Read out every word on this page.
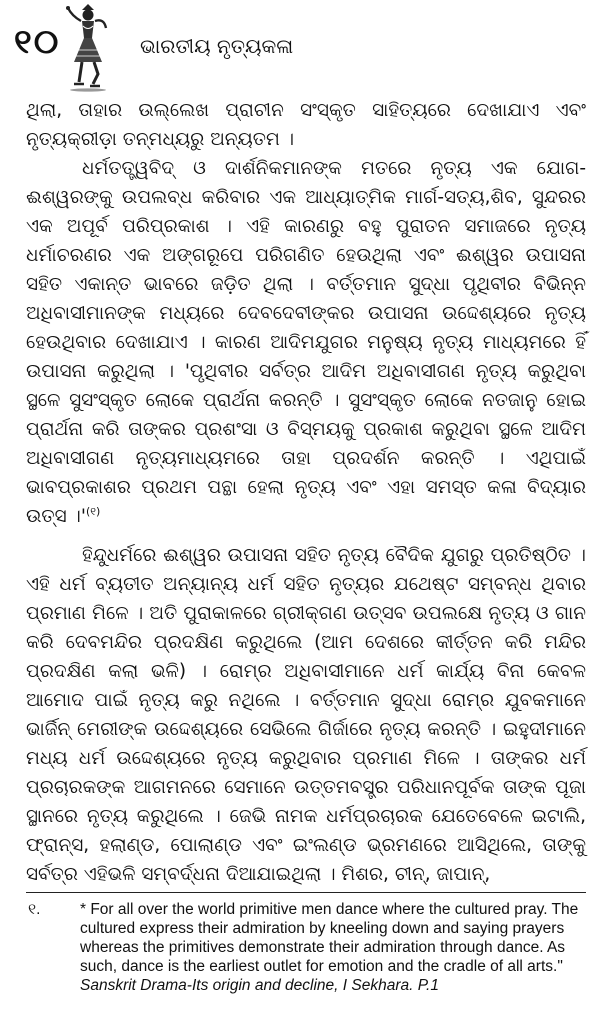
୧୦	ଭାରତୀୟ ନୃତ୍ୟକଳା

ଥିଲା, ତାହାର ଉଲ୍ଲେଖ ପ୍ରାଚୀନ ସଂସ୍କୃତ ସାହିତ୍ୟରେ ଦେଖାଯାଏ ଏବଂ ନୃତ୍ୟକ୍ରୀଡ଼ା ତନ୍ମଧ୍ୟରୁ ଅନ୍ୟତମ ।

ଧର୍ମତତ୍ତ୍ୱବିଦ୍ ଓ ଦାର୍ଶନିକମାନଙ୍କ ମତରେ ନୃତ୍ୟ ଏକ ଯୋଗ-ଈଶ୍ୱରଙ୍କୁ ଉପଲବ୍ଧ କରିବାର ଏକ ଆଧ୍ୟାତ୍ମିକ ମାର୍ଗ-ସତ୍ୟ,ଶିବ, ସୁନ୍ଦରର ଏକ ଅପୂର୍ବ ପରିପ୍ରକାଶ । ଏହି କାରଣରୁ ବହୁ ପୁରାତନ ସମାଜରେ ନୃତ୍ୟ ଧର୍ମାଚରଣର ଏକ ଅଙ୍ଗରୂପେ ପରିଗଣିତ ହେଉଥିଲା ଏବଂ ଈଶ୍ୱର ଉପାସନା ସହିତ ଏକାନ୍ତ ଭାବରେ ଜଡ଼ିତ ଥିଲା । ବର୍ତ୍ତମାନ ସୁଦ୍ଧା ପୃଥିବୀର ବିଭିନ୍ନ ଅଧିବାସୀମାନଙ୍କ ମଧ୍ୟରେ ଦେବଦେବୀଙ୍କର ଉପାସନା ଉଦ୍ଦେଶ୍ୟରେ ନୃତ୍ୟ ହେଉଥିବାର ଦେଖାଯାଏ । କାରଣ ଆଦିମଯୁଗର ମନୁଷ୍ୟ ନୃତ୍ୟ ମାଧ୍ୟମରେ ହିଁ ଉପାସନା କରୁଥିଲା । 'ପୃଥିବୀର ସର୍ବତ୍ର ଆଦିମ ଅଧିବାସୀଗଣ ନୃତ୍ୟ କରୁଥିବା ସ୍ଥଳେ ସୁସଂସ୍କୃତ ଲୋକେ ପ୍ରାର୍ଥନା କରନ୍ତି । ସୁସଂସ୍କୃତ ଲୋକେ ନତଜାନୁ ହୋଇ ପ୍ରାର୍ଥନା କରି ତାଙ୍କର ପ୍ରଶଂସା ଓ ବିସ୍ମୟକୁ ପ୍ରକାଶ କରୁଥିବା ସ୍ଥଳେ ଆଦିମ ଅଧିବାସୀଗଣ ନୃତ୍ୟମାଧ୍ୟମରେ ତାହା ପ୍ରଦର୍ଶନ କରନ୍ତି । ଏଥିପାଇଁ ଭାବପ୍ରକାଶର ପ୍ରଥମ ପନ୍ଥା ହେଲା ନୃତ୍ୟ ଏବଂ ଏହା ସମସ୍ତ କଳା ବିଦ୍ୟାର ଉତ୍ସ ।'$^{(୧)}$

ହିନ୍ଦୁଧର୍ମରେ ଈଶ୍ୱର ଉପାସନା ସହିତ ନୃତ୍ୟ ବୈଦିକ ଯୁଗରୁ ପ୍ରତିଷ୍ଠିତ । ଏହି ଧର୍ମ ବ୍ୟତୀତ ଅନ୍ୟାନ୍ୟ ଧର୍ମ ସହିତ ନୃତ୍ୟର ଯଥେଷ୍ଟ ସମ୍ବନ୍ଧ ଥିବାର ପ୍ରମାଣ ମିଳେ । ଅତି ପୁରାକାଳରେ ଗ୍ରୀକ୍‌ଗଣ ଉତ୍ସବ ଉପଲକ୍ଷେ ନୃତ୍ୟ ଓ ଗାନ କରି ଦେବମନ୍ଦିର ପ୍ରଦକ୍ଷିଣ କରୁଥିଲେ (ଆମ ଦେଶରେ କୀର୍ତ୍ତନ କରି ମନ୍ଦିର ପ୍ରଦକ୍ଷିଣ କଲା ଭଳି) । ରୋମ୍‌ର ଅଧିବାସୀମାନେ ଧର୍ମ କାର୍ଯ୍ୟ ବିନା କେବଳ ଆମୋଦ ପାଇଁ ନୃତ୍ୟ କରୁ ନଥିଲେ । ବର୍ତ୍ତମାନ ସୁଦ୍ଧା ରୋମ୍‌ର ଯୁବକମାନେ ଭାର୍ଜିନ୍ ମେରୀଙ୍କ ଉଦ୍ଦେଶ୍ୟରେ ସେଭିଲେ ଗିର୍ଜାରେ ନୃତ୍ୟ କରନ୍ତି । ଇହୁଦୀମାନେ ମଧ୍ୟ ଧର୍ମ ଉଦ୍ଦେଶ୍ୟରେ ନୃତ୍ୟ କରୁଥିବାର ପ୍ରମାଣ ମିଳେ । ତାଙ୍କର ଧର୍ମ ପ୍ରଚାରକଙ୍କ ଆଗମନରେ ସେମାନେ ଉତ୍ତମବସ୍ତ୍ର ପରିଧାନପୂର୍ବକ ତାଙ୍କ ପୂଜା ସ୍ଥାନରେ ନୃତ୍ୟ କରୁଥିଲେ । ଜେଭି ନାମକ ଧର୍ମପ୍ରଚାରକ ଯେତେବେଳେ ଇଟାଲି, ଫ୍ରାନ୍ସ, ହଲାଣ୍ଡ, ପୋଲାଣ୍ଡ ଏବଂ ଇଂଲଣ୍ଡ ଭ୍ରମଣରେ ଆସିଥିଲେ, ତାଙ୍କୁ ସର୍ବତ୍ର ଏହିଭଳି ସମ୍ବର୍ଦ୍ଧନା ଦିଆଯାଇଥିଲା । ମିଶର, ଚୀନ୍, ଜାପାନ୍,

୧.	* For all over the world primitive men dance where the cultured pray. The cultured express their admiration by kneeling down and saying prayers whereas the primitives demonstrate their admiration through dance. As such, dance is the earliest outlet for emotion and the cradle of all arts." Sanskrit Drama-Its origin and decline, I Sekhara. P.1
